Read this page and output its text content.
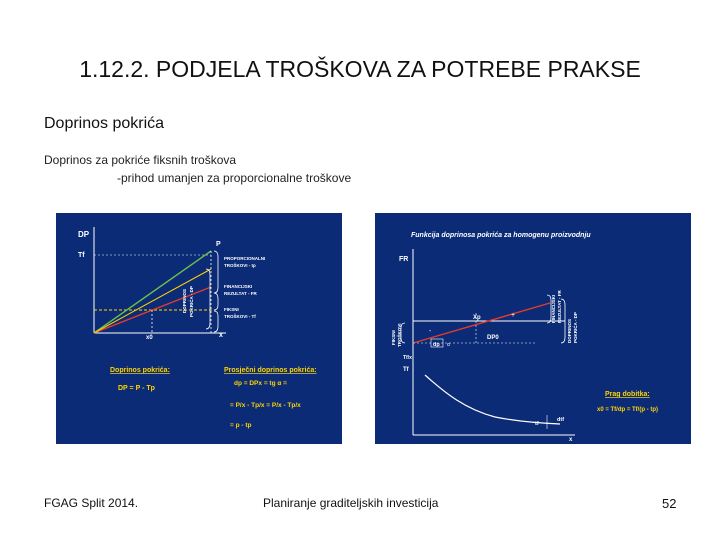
1.12.2. PODJELA TROŠKOVA ZA POTREBE PRAKSE
Doprinos pokrića
Doprinos za pokriće fiksnih troškova
-prihod umanjen za proporcionalne troškove
DP
Tf
P
x0	x
PROPORCIONALNI
TROŠKOVI - tp
FINANCIJSKI
REZULTAT - FR
FIKSNI
TROŠKOVI - Tf
DOPRINOS POKRIĆA - DP
Doprinos pokrića:
DP = P - Tp
Prosječni doprinos pokrića:
dp = DPx = tg α =
= P/x - Tp/x = P/x - Tp/x
= p - tp
Funkcija doprinosa pokrića za homogenu proizvodnju
FR
Xp
dp α
DP0
+
-
Tf/x
Tf
FIKSNI TROŠKOVI
FINANCIJSKI REZULTAT - FR
DOPRINOS POKRIĆA - DP
tf
dtf
x
Prag dobitka:
x0 = Tf/dp = Tf/(p - tp)
FGAG Split 2014.	Planiranje graditeljskih investicija	52
